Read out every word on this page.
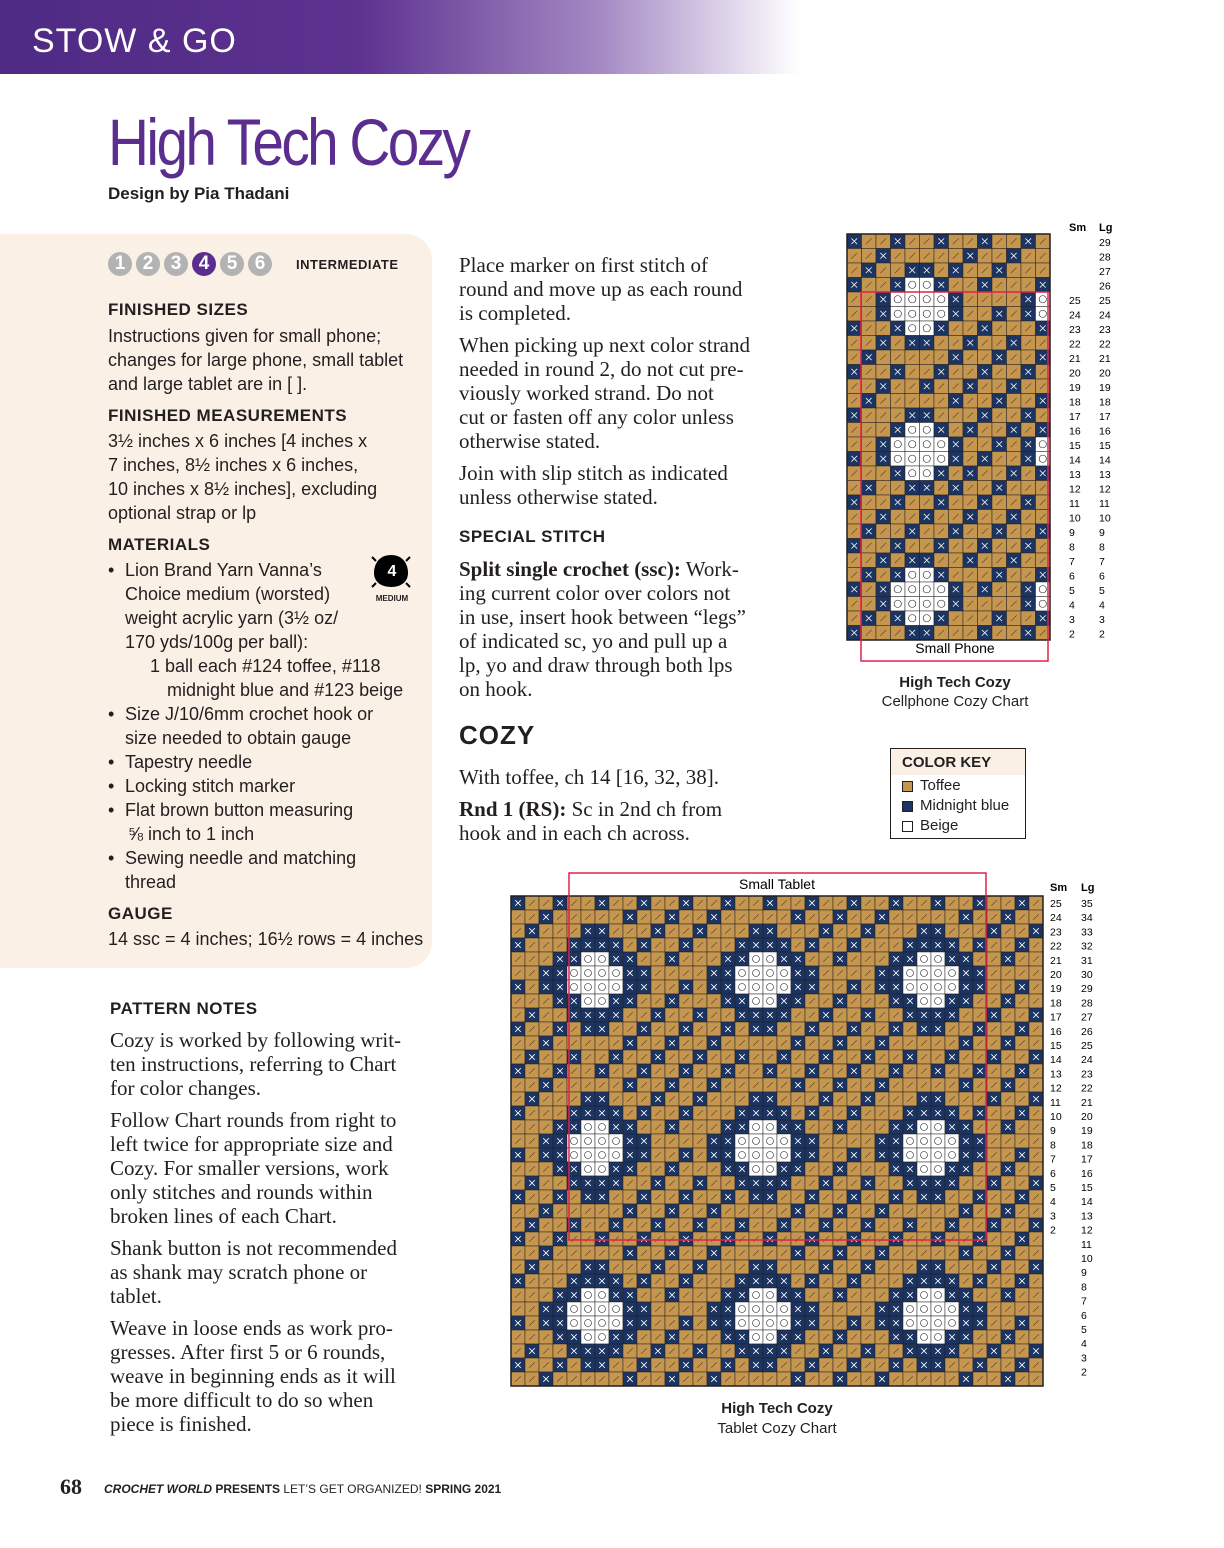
STOW & GO
High Tech Cozy
Design by Pia Thadani
1 2 3 4 5 6	INTERMEDIATE
FINISHED SIZES
Instructions given for small phone;
changes for large phone, small tablet
and large tablet are in [ ].
FINISHED MEASUREMENTS
3½ inches x 6 inches [4 inches x
7 inches, 8½ inches x 6 inches,
10 inches x 8½ inches], excluding
optional strap or lp
MATERIALS
• Lion Brand Yarn Vanna’s
Choice medium (worsted)
weight acrylic yarn (3½ oz/
170 yds/100g per ball):
1 ball each #124 toffee, #118
midnight blue and #123 beige
• Size J/10/6mm crochet hook or
size needed to obtain gauge
• Tapestry needle
• Locking stitch marker
• Flat brown button measuring
⅝ inch to 1 inch
• Sewing needle and matching
thread
4
MEDIUM
GAUGE
14 ssc = 4 inches; 16½ rows = 4 inches
PATTERN NOTES
Cozy is worked by following writ-
ten instructions, referring to Chart
for color changes.
Follow Chart rounds from right to
left twice for appropriate size and
Cozy. For smaller versions, work
only stitches and rounds within
broken lines of each Chart.
Shank button is not recommended
as shank may scratch phone or
tablet.
Weave in loose ends as work pro-
gresses. After first 5 or 6 rounds,
weave in beginning ends as it will
be more difficult to do so when
piece is finished.
Place marker on first stitch of
round and move up as each round
is completed.
When picking up next color strand
needed in round 2, do not cut pre-
viously worked strand. Do not
cut or fasten off any color unless
otherwise stated.
Join with slip stitch as indicated
unless otherwise stated.
SPECIAL STITCH
Split single crochet (ssc): Work-
ing current color over colors not
in use, insert hook between “legs”
of indicated sc, yo and pull up a
lp, yo and draw through both lps
on hook.
COZY
With toffee, ch 14 [16, 32, 38].
Rnd 1 (RS): Sc in 2nd ch from
hook and in each ch across.
Sm Lg
29
28
27
26
25 25
24 24
23 23
22 22
21 21
20 20
19 19
18 18
17 17
16 16
15 15
14 14
13 13
12 12
11 11
10 10
9 9
8 8
7 7
6 6
5 5
4 4
3 3
2 2
Small Phone
High Tech Cozy
Cellphone Cozy Chart
COLOR KEY
Toffee
Midnight blue
Beige
Small Tablet	Sm Lg
25 35
24 34
23 33
22 32
21 31
20 30
19 29
18 28
17 27
16 26
15 25
14 24
13 23
12 22
11 21
10 20
9 19
8 18
7 17
6 16
5 15
4 14
3 13
2 12
11
10
9
8
7
6
5
4
3
2
High Tech Cozy
Tablet Cozy Chart
68 CROCHET WORLD PRESENTS LET’S GET ORGANIZED! SPRING 2021
